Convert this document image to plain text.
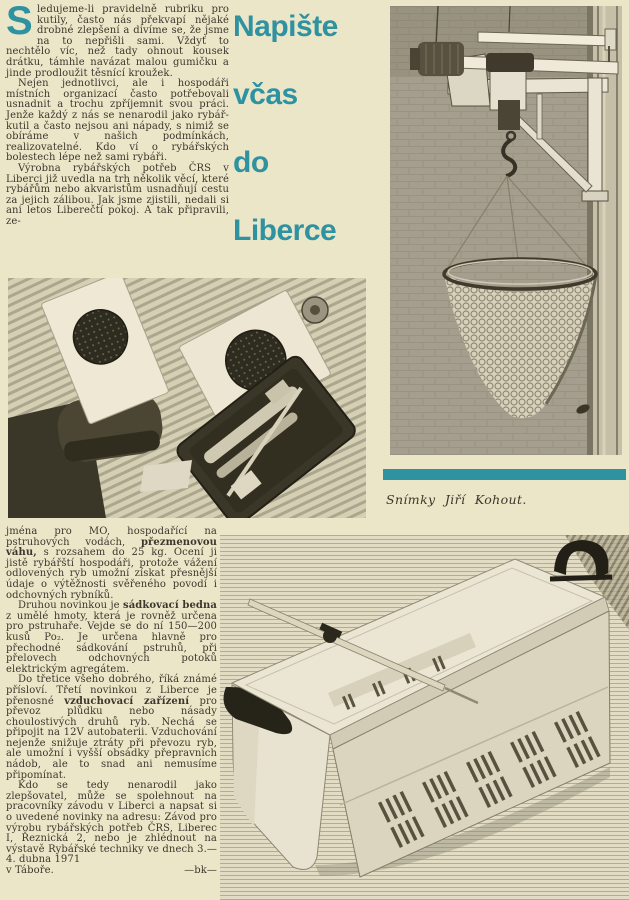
Sledujeme-li pravidelně rubriku pro kutily, často nás překvapí nějaké drobné zlepšení a divíme se, že jsme na to nepřišli sami. Vždyť to nechtělo víc, než tady ohnout kousek drátku, támhle navázat malou gumičku a jinde prodloužit těsnící kroužek.

Nejen jednotlivci, ale i hospodáři místních organizací často potřebovali usnadnit a trochu zpříjemnit svou práci. Jenže každý z nás se nenarodil jako rybář-kutil a často nejsou ani nápady, s nimiž se obíráme v našich podmínkách, realizovatelné. Kdo ví o rybářských bolestech lépe než sami rybáři.

Výrobna rybářských potřeb ČRS v Liberci již uvedla na trh několik věcí, které rybářům nebo akvaristům usnadňují cestu za jejich zálibou. Jak jsme zjistili, nedali si ani letos Liberečtí pokoj. A tak připravili, ze-

Napište
včas
do
Liberce
Snímky Jiří Kohout.

jména pro MO, hospodařící na pstruhových vodách, přezmenovou váhu, s rozsahem do 25 kg. Ocení ji jistě rybářští hospodáři, protože vážení odlovených ryb umožní získat přesnější údaje o výtěžnosti svěřeného povodí i odchovných rybníků.

Druhou novinkou je sádkovací bedna z umělé hmoty, která je rovněž určena pro pstruhaře. Vejde se do ní 150—200 kusů Po₂. Je určena hlavně pro přechodné sádkování pstruhů, při přelovech odchovných potoků elektrickým agregátem.

Do třetice všeho dobrého, říká známé přísloví. Třetí novinkou z Liberce je přenosné vzduchovací zařízení pro převoz plůdku nebo násady choulostivých druhů ryb. Nechá se připojit na 12V autobaterii. Vzduchování nejenže snižuje ztráty při převozu ryb, ale umožní i vyšší obsádky přepravních nádob, ale to snad ani nemusíme připomínat.

Kdo se tedy nenarodil jako zlepšovatel, může se spolehnout na pracovníky závodu v Liberci a napsat si o uvedené novinky na adresu: Závod pro výrobu rybářských potřeb ČRS, Liberec I, Řeznická 2, nebo je zhlédnout na výstavě Rybářské techniky ve dnech 3.—4. dubna 1971

v Táboře.	—bk—
